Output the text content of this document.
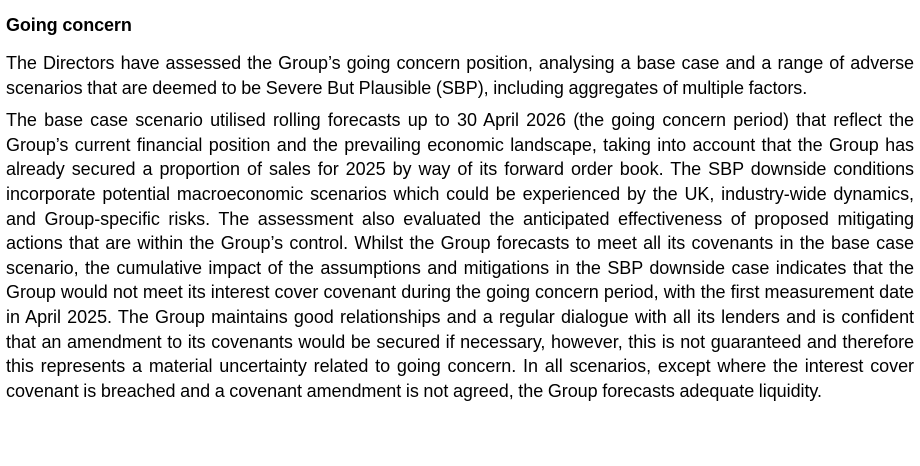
Going concern

The Directors have assessed the Group’s going concern position, analysing a base case and a range of adverse scenarios that are deemed to be Severe But Plausible (SBP), including aggregates of multiple factors.

The base case scenario utilised rolling forecasts up to 30 April 2026 (the going concern period) that reflect the Group’s current financial position and the prevailing economic landscape, taking into account that the Group has already secured a proportion of sales for 2025 by way of its forward order book. The SBP downside conditions incorporate potential macroeconomic scenarios which could be experienced by the UK, industry-wide dynamics, and Group-specific risks. The assessment also evaluated the anticipated effectiveness of proposed mitigating actions that are within the Group’s control. Whilst the Group forecasts to meet all its covenants in the base case scenario, the cumulative impact of the assumptions and mitigations in the SBP downside case indicates that the Group would not meet its interest cover covenant during the going concern period, with the first measurement date in April 2025. The Group maintains good relationships and a regular dialogue with all its lenders and is confident that an amendment to its covenants would be secured if necessary, however, this is not guaranteed and therefore this represents a material uncertainty related to going concern. In all scenarios, except where the interest cover covenant is breached and a covenant amendment is not agreed, the Group forecasts adequate liquidity.
